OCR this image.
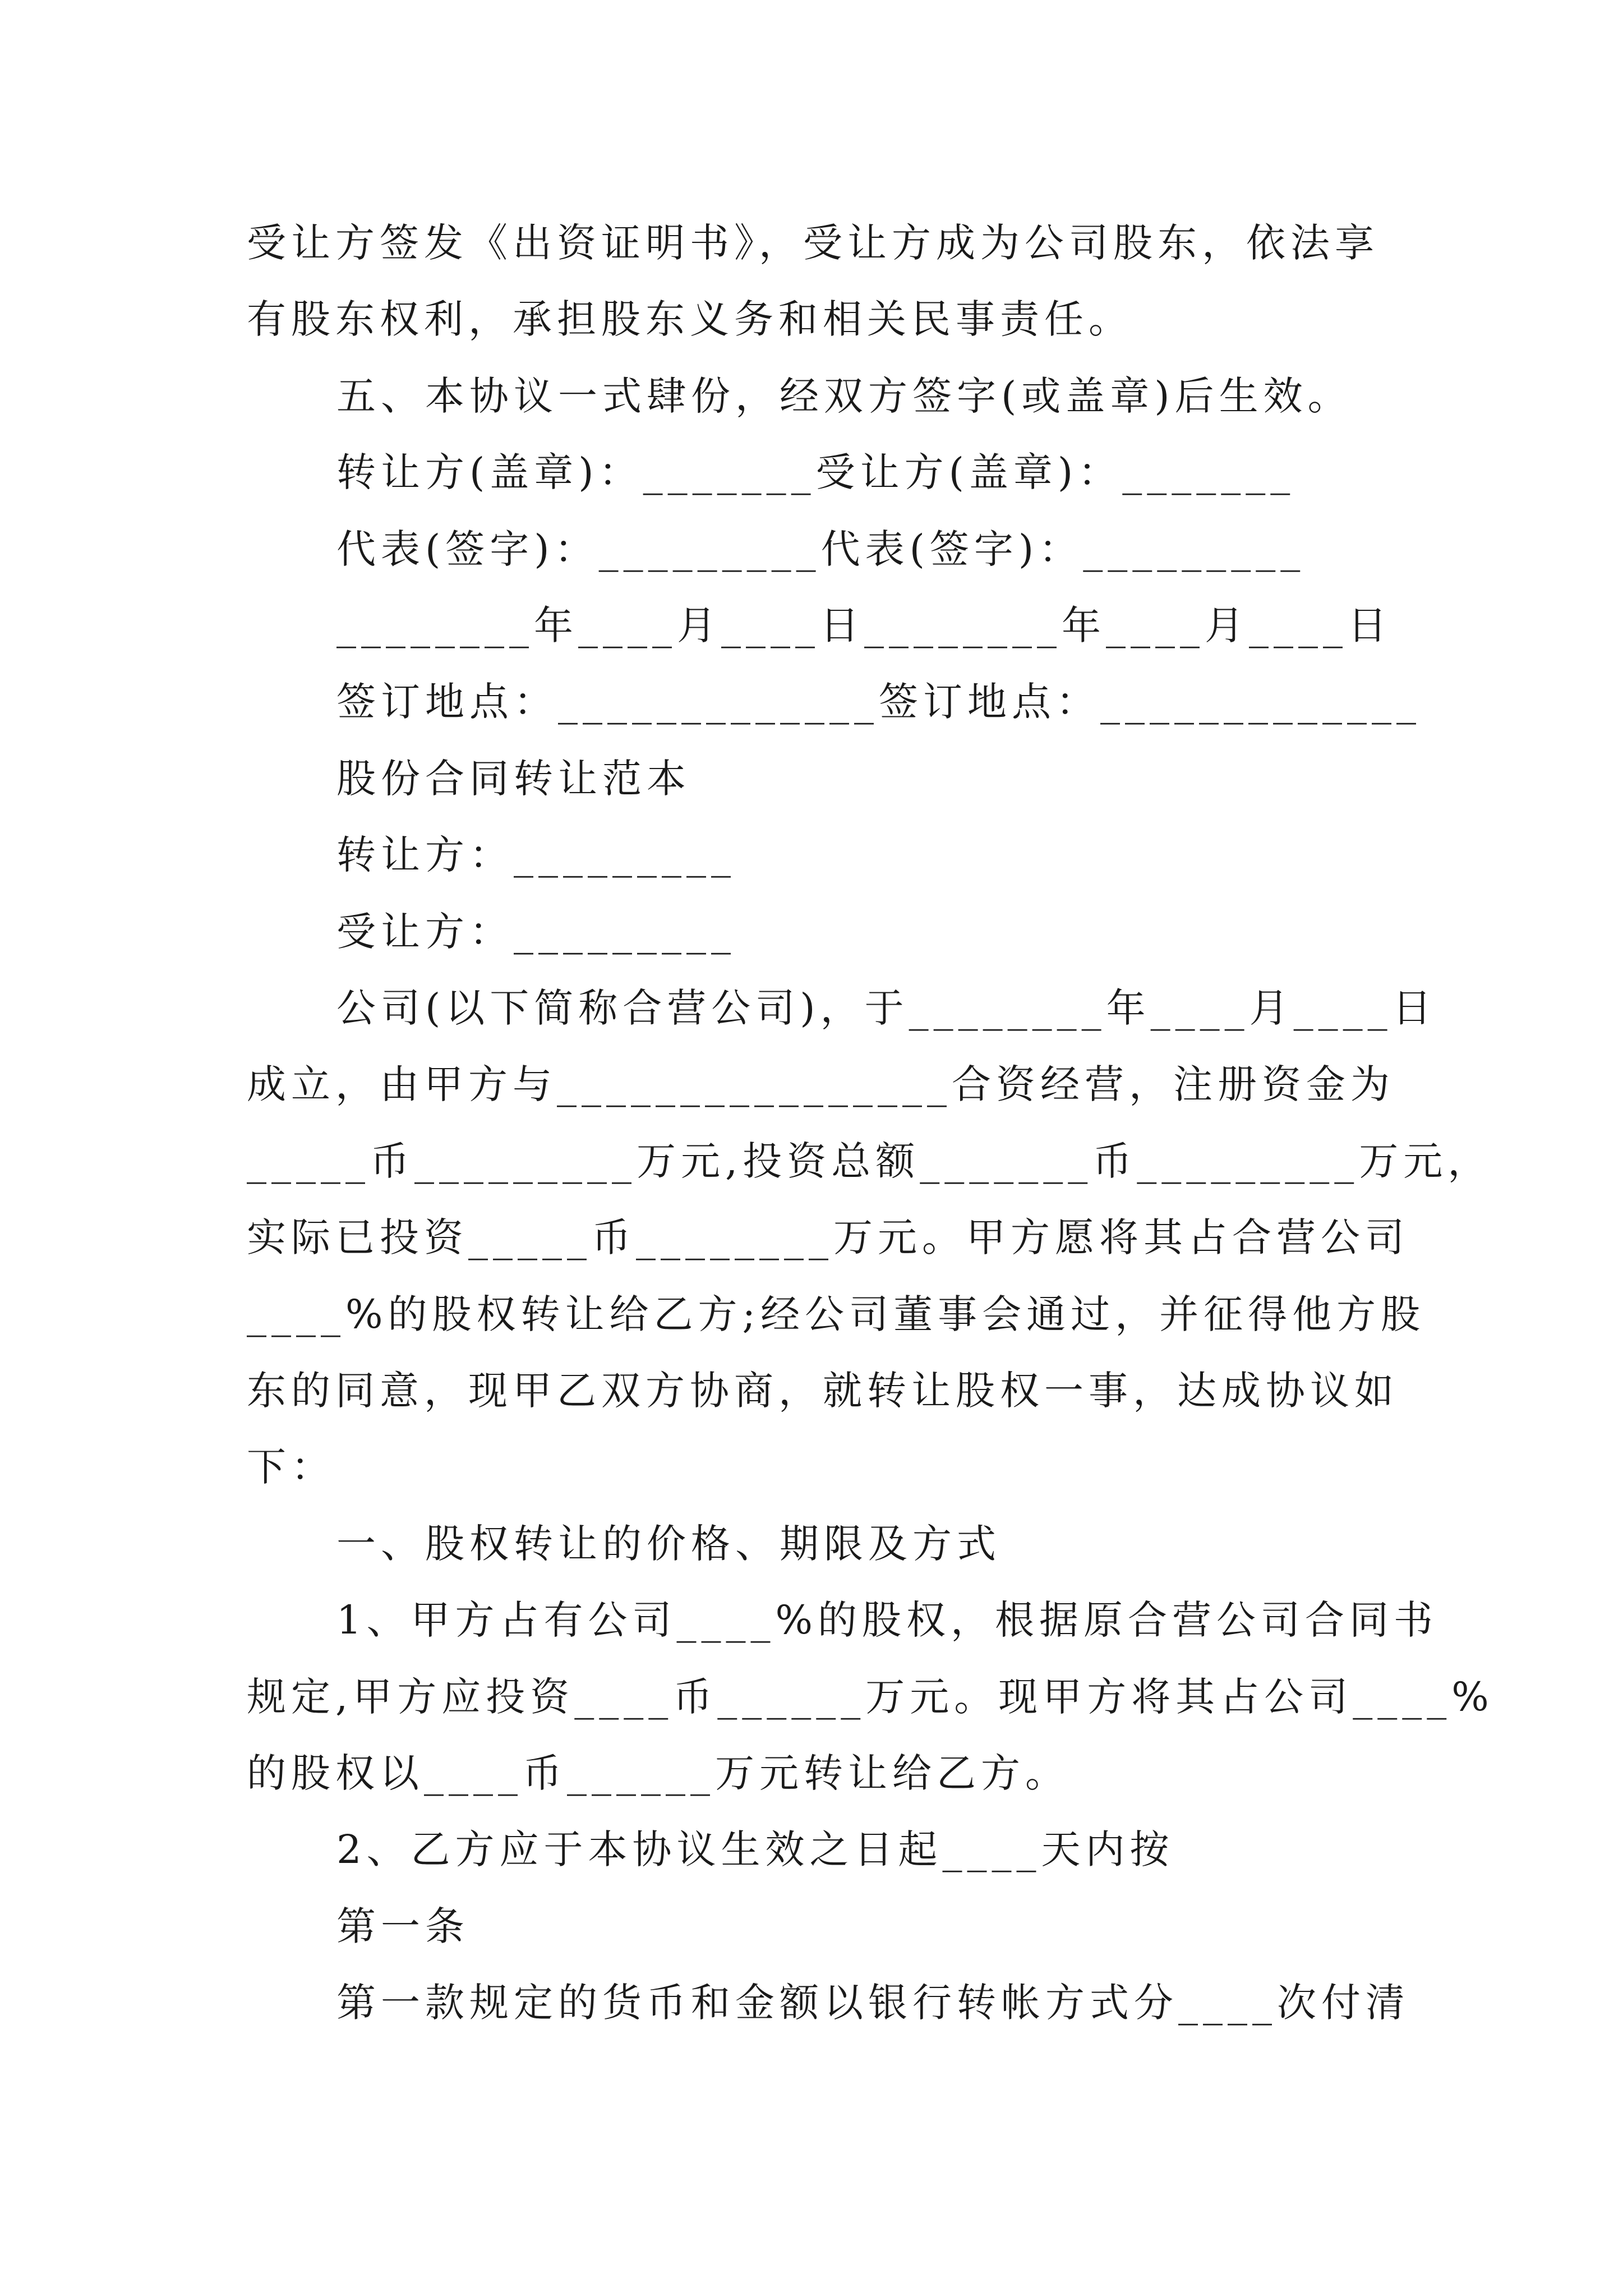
受让方签发《出资证明书》，受让方成为公司股东，依法享
有股东权利，承担股东义务和相关民事责任。
五、本协议一式肆份，经双方签字(或盖章)后生效。
转让方(盖章)：_______受让方(盖章)：_______
代表(签字)：_________代表(签字)：_________
________年____月____日________年____月____日
签订地点：_____________签订地点：_____________
股份合同转让范本
转让方：_________
受让方：_________
公司(以下简称合营公司)，于________年____月____日
成立，由甲方与________________合资经营，注册资金为
_____币_________万元,投资总额_______币_________万元，
实际已投资_____币________万元。甲方愿将其占合营公司
____%的股权转让给乙方;经公司董事会通过，并征得他方股
东的同意，现甲乙双方协商，就转让股权一事，达成协议如
下：
一、股权转让的价格、期限及方式
1、甲方占有公司____%的股权，根据原合营公司合同书
规定,甲方应投资____币______万元。现甲方将其占公司____%
的股权以____币______万元转让给乙方。
2、乙方应于本协议生效之日起____天内按
第一条
第一款规定的货币和金额以银行转帐方式分____次付清
